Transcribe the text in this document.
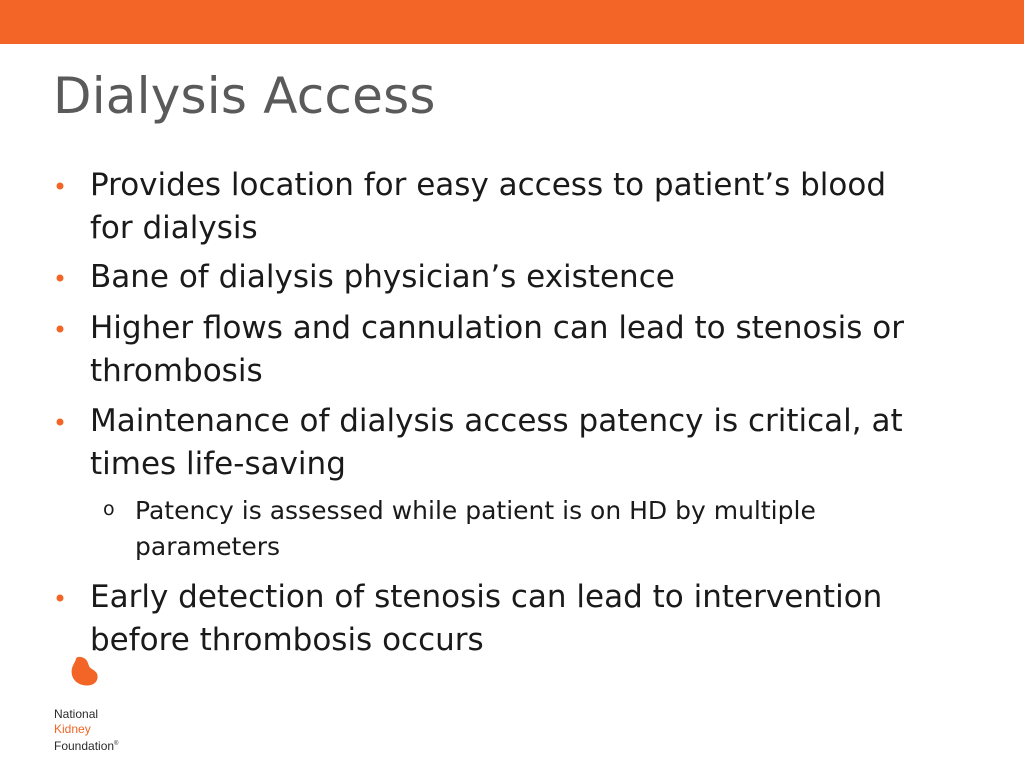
Dialysis Access
Provides location for easy access to patient’s blood
for dialysis
Bane of dialysis physician’s existence
Higher flows and cannulation can lead to stenosis or
thrombosis
Maintenance of dialysis access patency is critical, at
times life-saving
o Patency is assessed while patient is on HD by multiple
parameters
Early detection of stenosis can lead to intervention
before thrombosis occurs
National
Kidney
Foundation®
